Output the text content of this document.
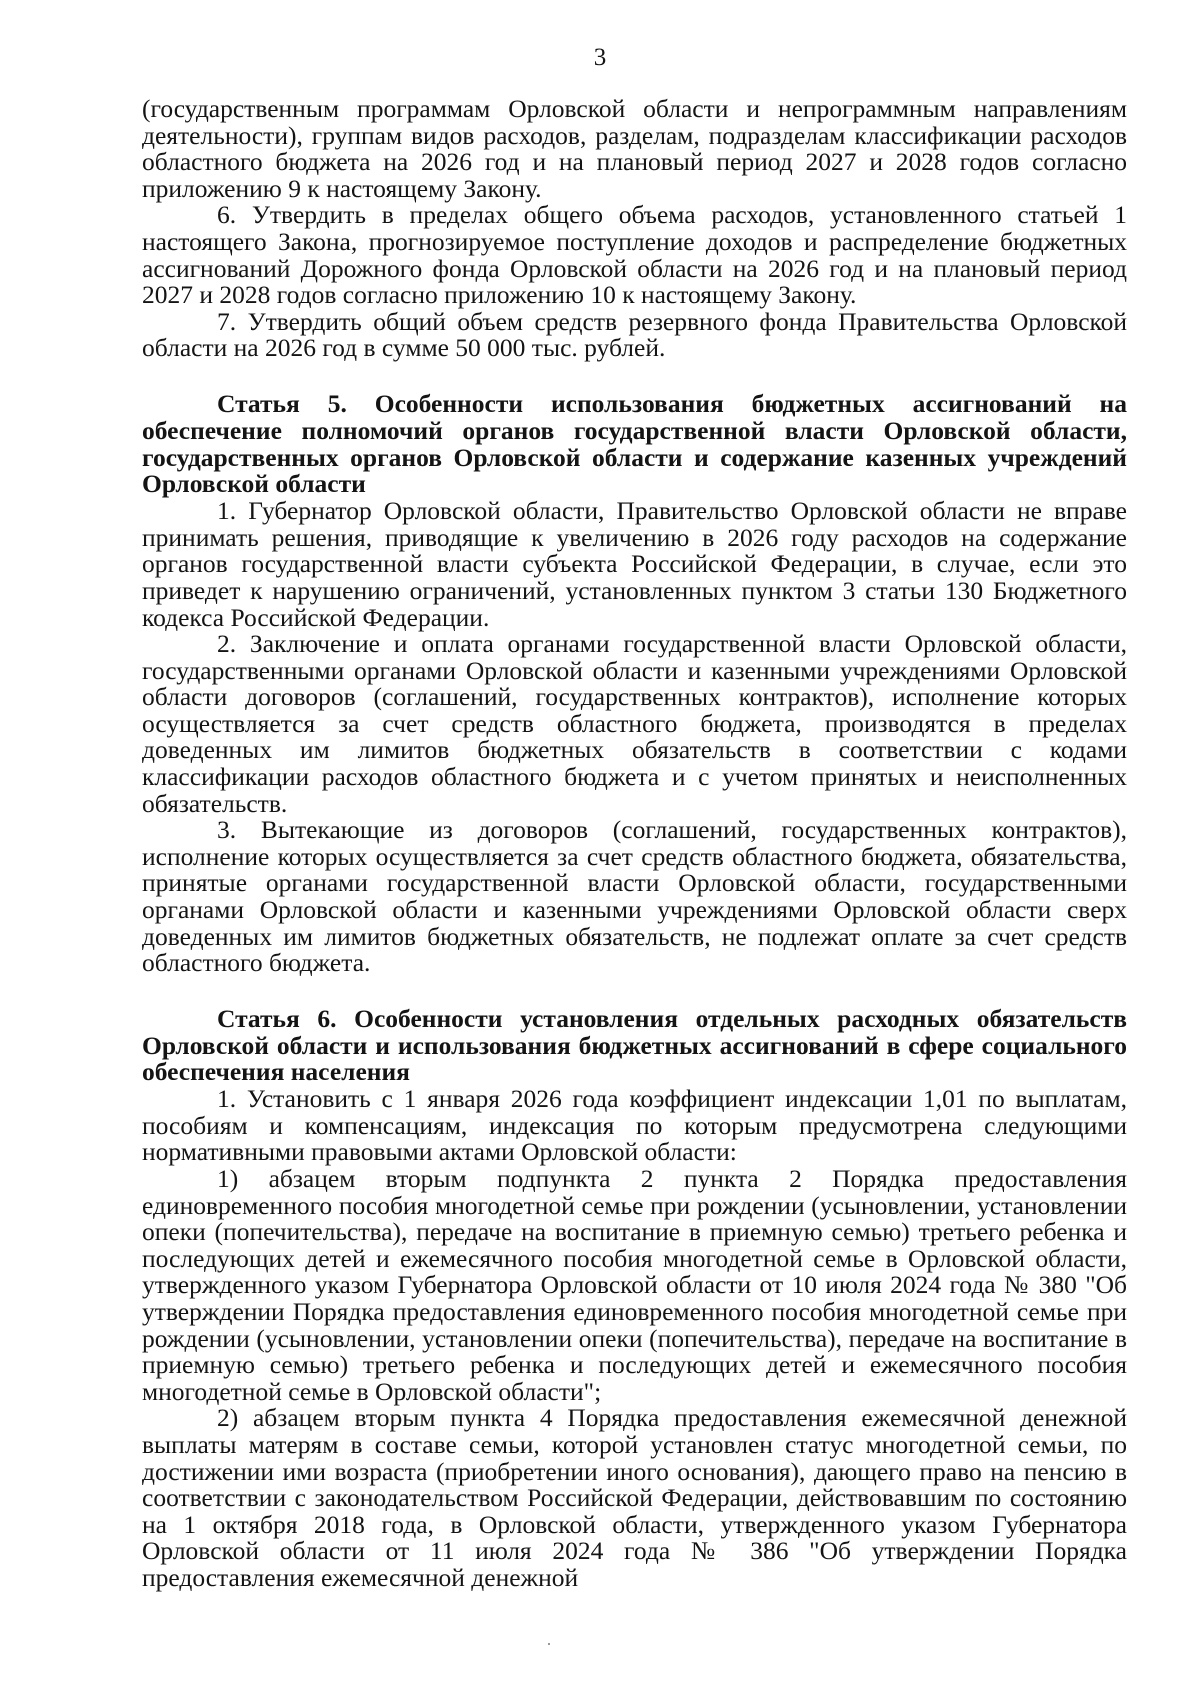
3

(государственным программам Орловской области и непрограммным направлениям деятельности), группам видов расходов, разделам, подразделам классификации расходов областного бюджета на 2026 год и на плановый период 2027 и 2028 годов согласно приложению 9 к настоящему Закону.

6. Утвердить в пределах общего объема расходов, установленного статьей 1 настоящего Закона, прогнозируемое поступление доходов и распределение бюджетных ассигнований Дорожного фонда Орловской области на 2026 год и на плановый период 2027 и 2028 годов согласно приложению 10 к настоящему Закону.

7. Утвердить общий объем средств резервного фонда Правительства Орловской области на 2026 год в сумме 50 000 тыс. рублей.

Статья 5. Особенности использования бюджетных ассигнований на обеспечение полномочий органов государственной власти Орловской области, государственных органов Орловской области и содержание казенных учреждений Орловской области

1. Губернатор Орловской области, Правительство Орловской области не вправе принимать решения, приводящие к увеличению в 2026 году расходов на содержание органов государственной власти субъекта Российской Федерации, в случае, если это приведет к нарушению ограничений, установленных пунктом 3 статьи 130 Бюджетного кодекса Российской Федерации.

2. Заключение и оплата органами государственной власти Орловской области, государственными органами Орловской области и казенными учреждениями Орловской области договоров (соглашений, государственных контрактов), исполнение которых осуществляется за счет средств областного бюджета, производятся в пределах доведенных им лимитов бюджетных обязательств в соответствии с кодами классификации расходов областного бюджета и с учетом принятых и неисполненных обязательств.

3. Вытекающие из договоров (соглашений, государственных контрактов), исполнение которых осуществляется за счет средств областного бюджета, обязательства, принятые органами государственной власти Орловской области, государственными органами Орловской области и казенными учреждениями Орловской области сверх доведенных им лимитов бюджетных обязательств, не подлежат оплате за счет средств областного бюджета.

Статья 6. Особенности установления отдельных расходных обязательств Орловской области и использования бюджетных ассигнований в сфере социального обеспечения населения

1. Установить с 1 января 2026 года коэффициент индексации 1,01 по выплатам, пособиям и компенсациям, индексация по которым предусмотрена следующими нормативными правовыми актами Орловской области:

1) абзацем вторым подпункта 2 пункта 2 Порядка предоставления единовременного пособия многодетной семье при рождении (усыновлении, установлении опеки (попечительства), передаче на воспитание в приемную семью) третьего ребенка и последующих детей и ежемесячного пособия многодетной семье в Орловской области, утвержденного указом Губернатора Орловской области от 10 июля 2024 года № 380 "Об утверждении Порядка предоставления единовременного пособия многодетной семье при рождении (усыновлении, установлении опеки (попечительства), передаче на воспитание в приемную семью) третьего ребенка и последующих детей и ежемесячного пособия многодетной семье в Орловской области";

2) абзацем вторым пункта 4 Порядка предоставления ежемесячной денежной выплаты матерям в составе семьи, которой установлен статус многодетной семьи, по достижении ими возраста (приобретении иного основания), дающего право на пенсию в соответствии с законодательством Российской Федерации, действовавшим по состоянию на 1 октября 2018 года, в Орловской области, утвержденного указом Губернатора Орловской области от 11 июля 2024 года № 386 "Об утверждении Порядка предоставления ежемесячной денежной
